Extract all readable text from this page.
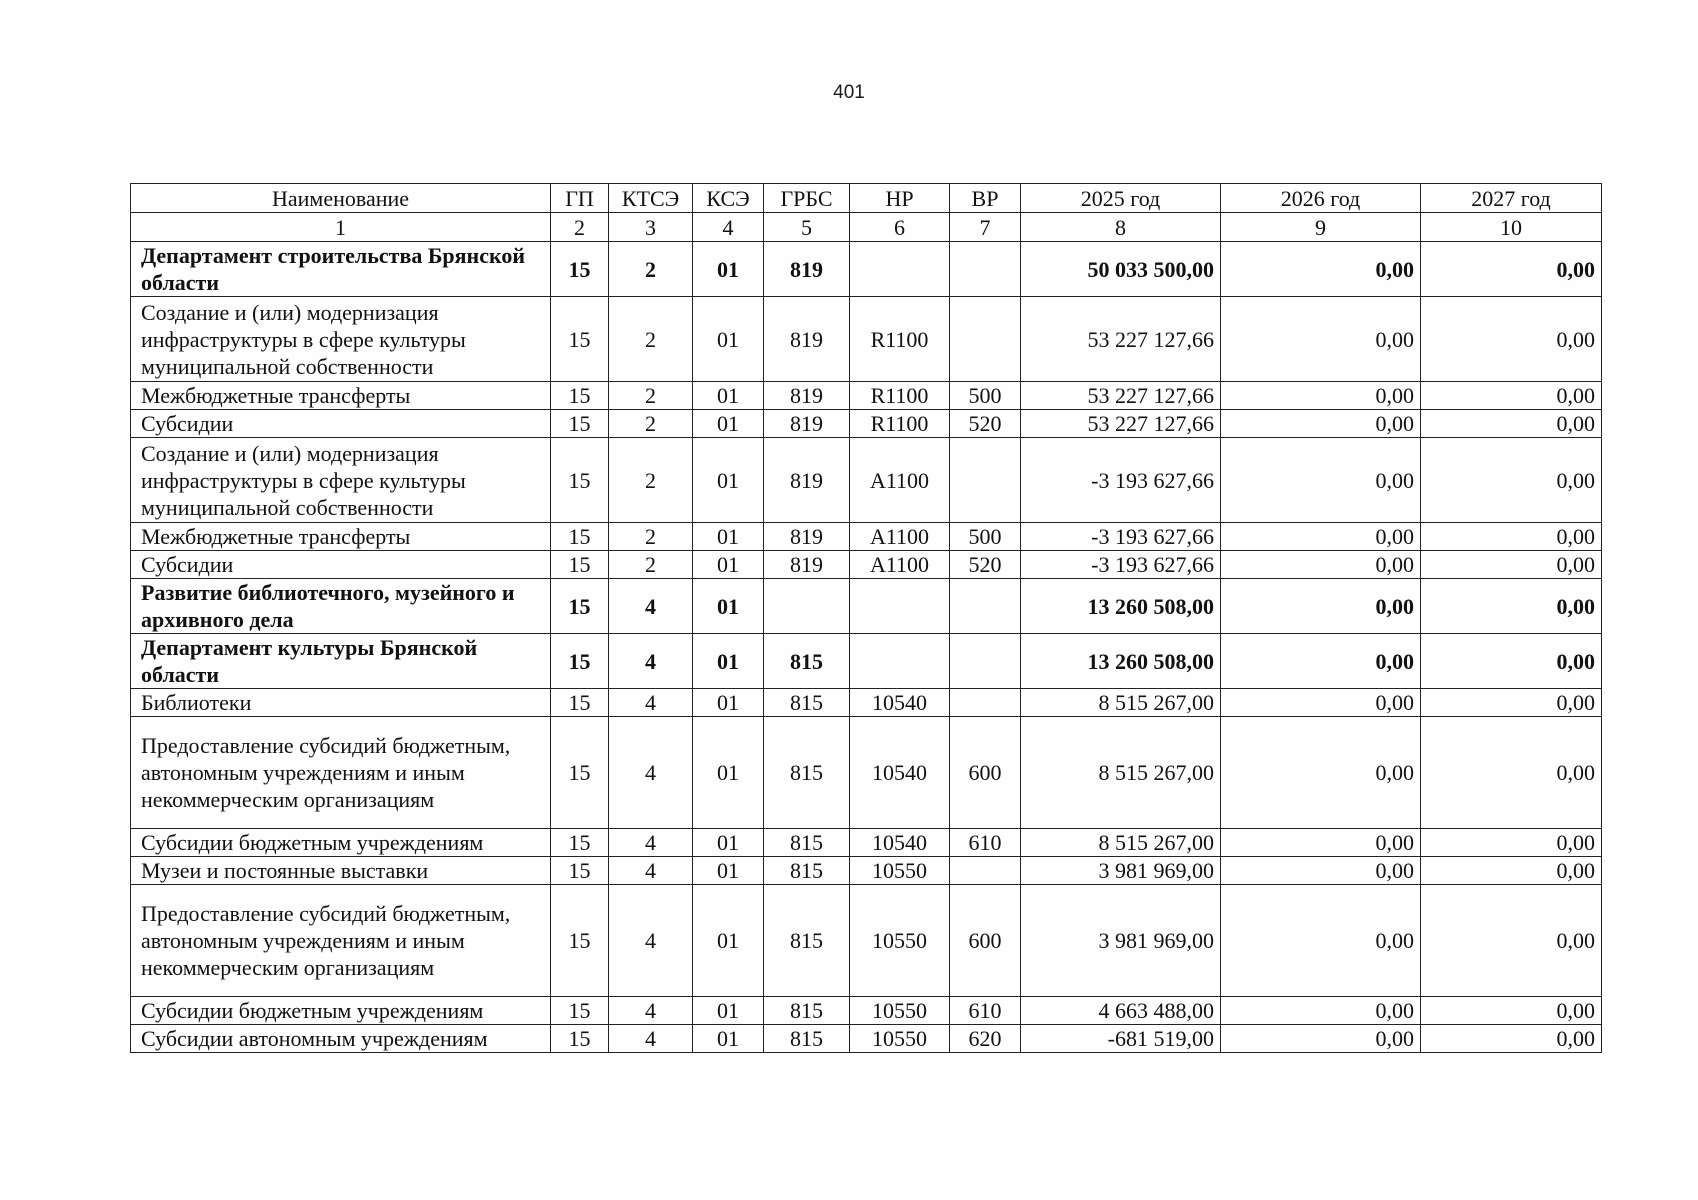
401
Наименование	ГП	КТСЭ	КСЭ	ГРБС	НР	ВР	2025 год	2026 год	2027 год
1	2	3	4	5	6	7	8	9	10
Департамент строительства Брянской области	15	2	01	819			50 033 500,00	0,00	0,00
Создание и (или) модернизация инфраструктуры в сфере культуры муниципальной собственности	15	2	01	819	R1100		53 227 127,66	0,00	0,00
Межбюджетные трансферты	15	2	01	819	R1100	500	53 227 127,66	0,00	0,00
Субсидии	15	2	01	819	R1100	520	53 227 127,66	0,00	0,00
Создание и (или) модернизация инфраструктуры в сфере культуры муниципальной собственности	15	2	01	819	A1100		-3 193 627,66	0,00	0,00
Межбюджетные трансферты	15	2	01	819	A1100	500	-3 193 627,66	0,00	0,00
Субсидии	15	2	01	819	A1100	520	-3 193 627,66	0,00	0,00
Развитие библиотечного, музейного и архивного дела	15	4	01				13 260 508,00	0,00	0,00
Департамент культуры Брянской области	15	4	01	815			13 260 508,00	0,00	0,00
Библиотеки	15	4	01	815	10540		8 515 267,00	0,00	0,00
Предоставление субсидий бюджетным, автономным учреждениям и иным некоммерческим организациям	15	4	01	815	10540	600	8 515 267,00	0,00	0,00
Субсидии бюджетным учреждениям	15	4	01	815	10540	610	8 515 267,00	0,00	0,00
Музеи и постоянные выставки	15	4	01	815	10550		3 981 969,00	0,00	0,00
Предоставление субсидий бюджетным, автономным учреждениям и иным некоммерческим организациям	15	4	01	815	10550	600	3 981 969,00	0,00	0,00
Субсидии бюджетным учреждениям	15	4	01	815	10550	610	4 663 488,00	0,00	0,00
Субсидии автономным учреждениям	15	4	01	815	10550	620	-681 519,00	0,00	0,00
